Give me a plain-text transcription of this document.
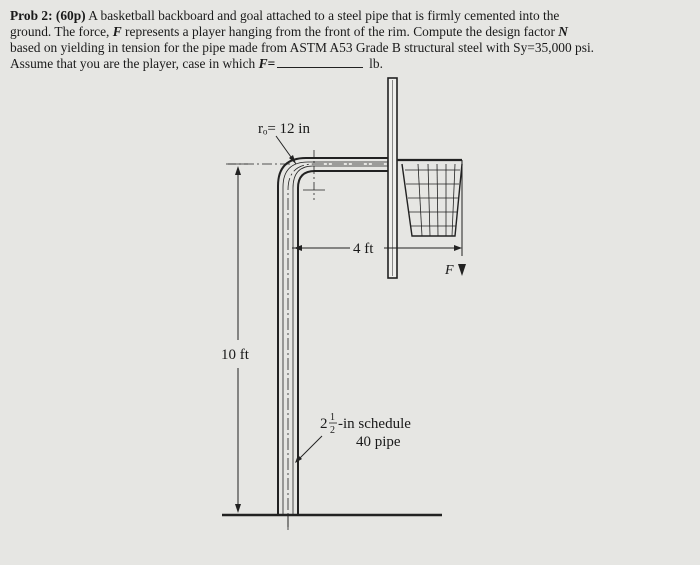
Prob 2: (60p) A basketball backboard and goal attached to a steel pipe that is firmly cemented into the

ground. The force, F represents a player hanging from the front of the rim. Compute the design factor N

based on yielding in tension for the pipe made from ASTM A53 Grade B structural steel with Sy=35,000 psi.

Assume that you are the player, case in which F=	lb.

rₒ= 12 in
F
4 ft
10 ft
2 1
2 -in schedule
40 pipe
